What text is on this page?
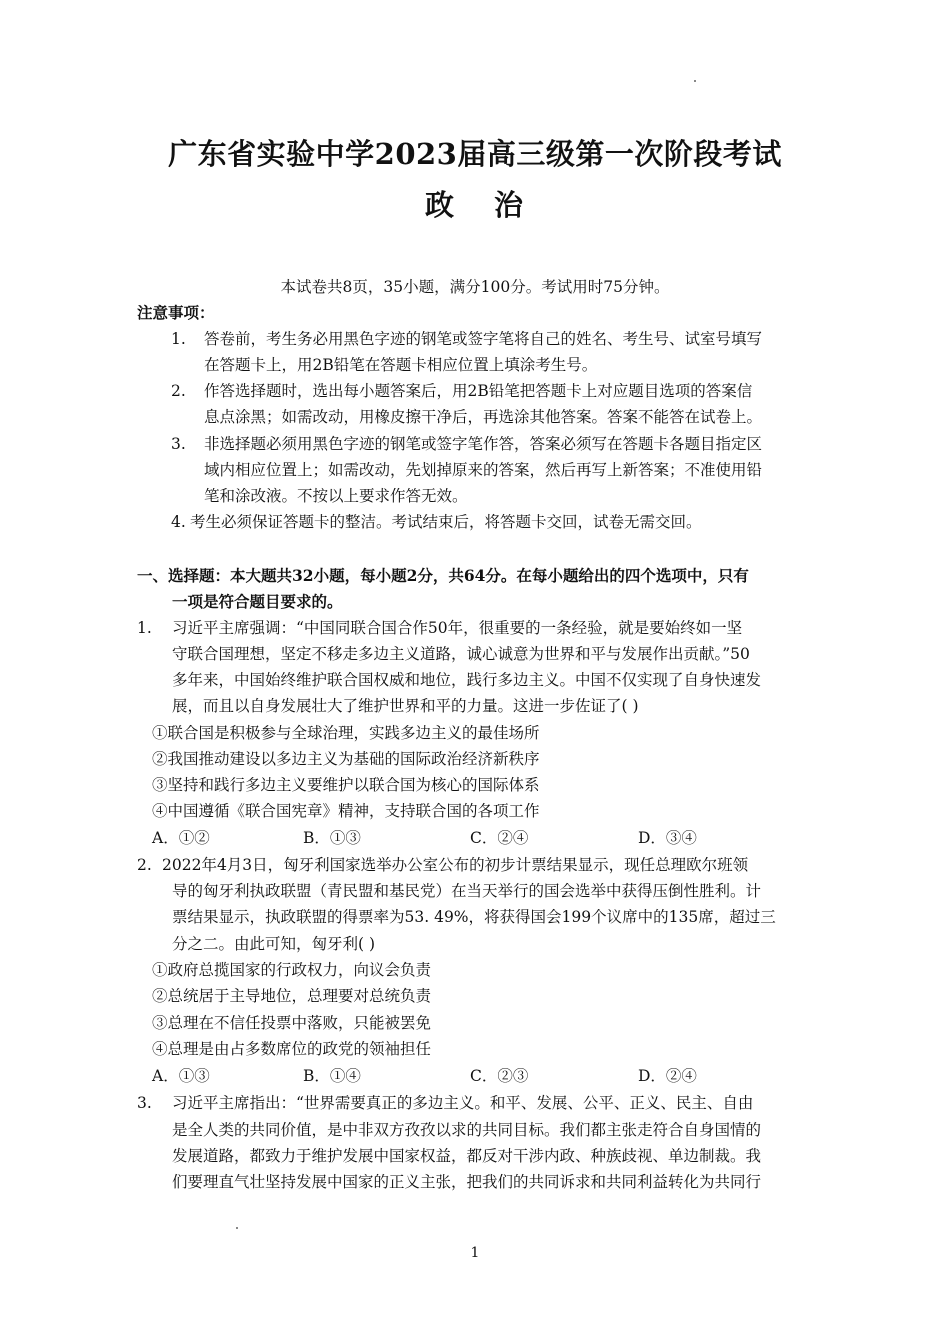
广东省实验中学2023届高三级第一次阶段考试
政 治
本试卷共8页，35小题，满分100分。考试用时75分钟。
注意事项：
1. 答卷前，考生务必用黑色字迹的钢笔或签字笔将自己的姓名、考生号、试室号填写
在答题卡上，用2B铅笔在答题卡相应位置上填涂考生号。
2. 作答选择题时，选出每小题答案后，用2B铅笔把答题卡上对应题目选项的答案信
息点涂黑；如需改动，用橡皮擦干净后，再选涂其他答案。答案不能答在试卷上。
3. 非选择题必须用黑色字迹的钢笔或签字笔作答，答案必须写在答题卡各题目指定区
域内相应位置上；如需改动，先划掉原来的答案，然后再写上新答案；不准使用铅
笔和涂改液。不按以上要求作答无效。
4. 考生必须保证答题卡的整洁。考试结束后，将答题卡交回，试卷无需交回。
一、选择题：本大题共32小题，每小题2分，共64分。在每小题给出的四个选项中，只有
一项是符合题目要求的。
1. 习近平主席强调：“中国同联合国合作50年，很重要的一条经验，就是要始终如一坚
守联合国理想，坚定不移走多边主义道路，诚心诚意为世界和平与发展作出贡献。”50
多年来，中国始终维护联合国权威和地位，践行多边主义。中国不仅实现了自身快速发
展，而且以自身发展壮大了维护世界和平的力量。这进一步佐证了( )
①联合国是积极参与全球治理，实践多边主义的最佳场所
②我国推动建设以多边主义为基础的国际政治经济新秩序
③坚持和践行多边主义要维护以联合国为核心的国际体系
④中国遵循《联合国宪章》精神，支持联合国的各项工作
A．①②	B．①③	C．②④	D．③④
2. 2022年4月3日，匈牙利国家选举办公室公布的初步计票结果显示，现任总理欧尔班领
导的匈牙利执政联盟（青民盟和基民党）在当天举行的国会选举中获得压倒性胜利。计
票结果显示，执政联盟的得票率为53. 49%，将获得国会199个议席中的135席，超过三
分之二。由此可知，匈牙利( )
①政府总揽国家的行政权力，向议会负责
②总统居于主导地位，总理要对总统负责
③总理在不信任投票中落败，只能被罢免
④总理是由占多数席位的政党的领袖担任
A．①③	B．①④	C．②③	D．②④
3. 习近平主席指出：“世界需要真正的多边主义。和平、发展、公平、正义、民主、自由
是全人类的共同价值，是中非双方孜孜以求的共同目标。我们都主张走符合自身国情的
发展道路，都致力于维护发展中国家权益，都反对干涉内政、种族歧视、单边制裁。我
们要理直气壮坚持发展中国家的正义主张，把我们的共同诉求和共同利益转化为共同行
1
